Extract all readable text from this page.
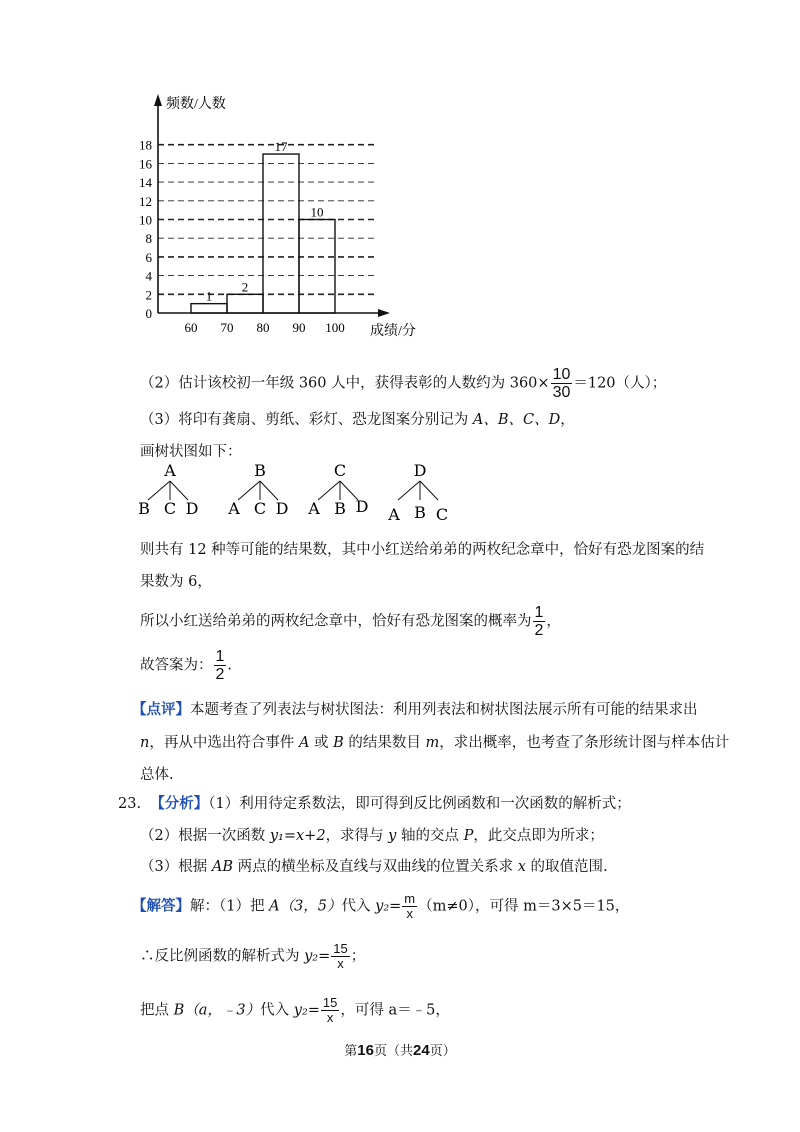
1
2
17
10
0
2
4
6
8
10
12
14
16
18
60 70 80 90 100
频数/人数
成绩/分
（2）估计该校初一年级 360 人中，获得表彰的人数约为 $360\times \frac{10}{30} =120$（人）；
（3）将印有龚扇、剪纸、彩灯、恐龙图案分别记为 A、B、C、D，
画树状图如下：
A
B C D
B
A C D
C
A B D
D
A B C
则共有 12 种等可能的结果数，其中小红送给弟弟的两枚纪念章中，恰好有恐龙图案的结
果数为 6，
所以小红送给弟弟的两枚纪念章中，恰好有恐龙图案的概率为 $\frac{1}{2}$ ，
故答案为： $\frac{1}{2}$ .
【点评】本题考查了列表法与树状图法：利用列表法和树状图法展示所有可能的结果求出
n，再从中选出符合事件 A 或 B 的结果数目 m，求出概率，也考查了条形统计图与样本估计
总体.
23. 【分析】（1）利用待定系数法，即可得到反比例函数和一次函数的解析式；
（2）根据一次函数 y₁=x+2，求得与 y 轴的交点 P，此交点即为所求；
（3）根据 AB 两点的横坐标及直线与双曲线的位置关系求 x 的取值范围.
【解答】解：（1）把 A（3，5）代入 $y_2= \frac{m}{x} (m\ne 0)$，可得 m＝3×5＝15，
∴反比例函数的解析式为 $y_2= \frac{15}{x}$ ；
把点 B（a，﹣3）代入 $y_2= \frac{15}{x}$ ，可得 a＝﹣5，
第16页（共24页）
